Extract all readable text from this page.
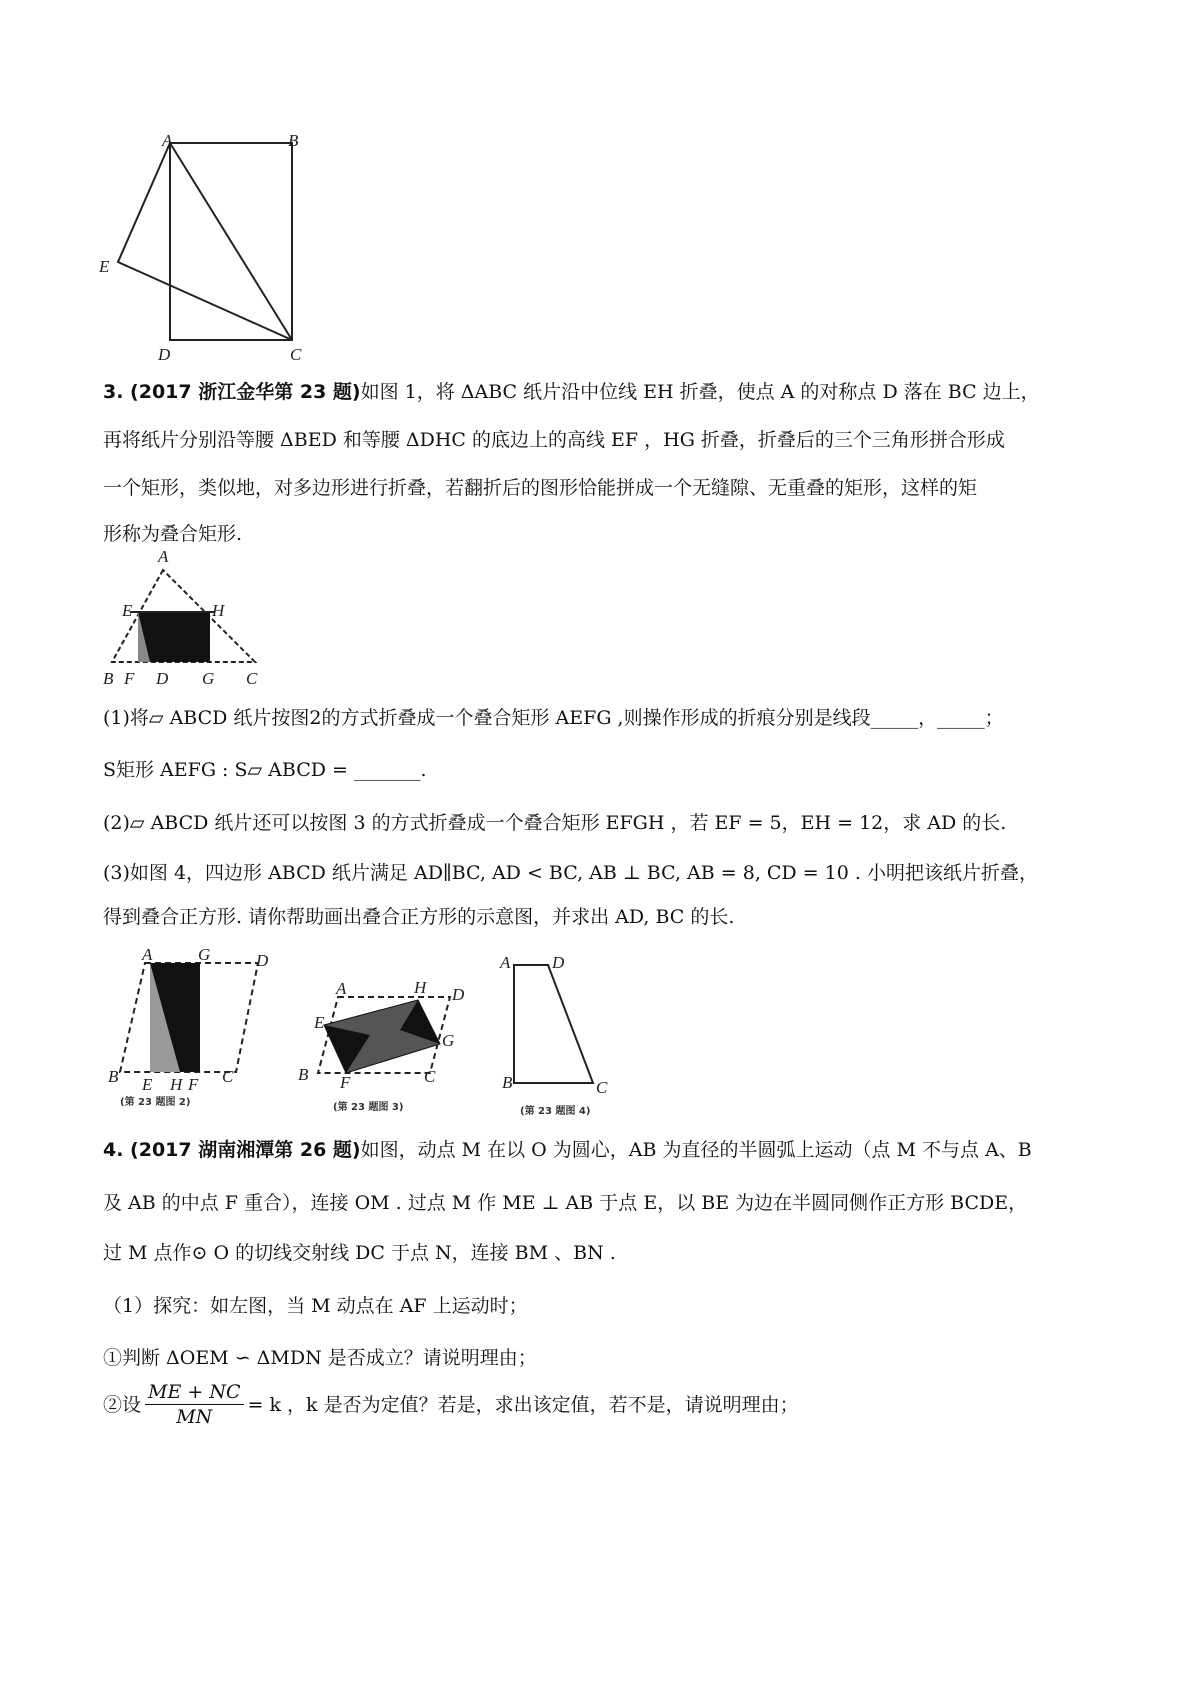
A	B
E
D	C
A
E	H
B F D G C
A	G	D
B E H F C
(第 23 题图 2)
A	H D
E
G
B F	C
(第 23 题图 3)
A D
B	C
(第 23 题图 4)
3. (2017 浙江金华第 23 题)如图 1，将 ΔABC 纸片沿中位线 EH 折叠，使点 A 的对称点 D 落在 BC 边上，
再将纸片分别沿等腰 ΔBED 和等腰 ΔDHC 的底边上的高线 EF ，HG 折叠，折叠后的三个三角形拼合形成
一个矩形，类似地，对多边形进行折叠，若翻折后的图形恰能拼成一个无缝隙、无重叠的矩形，这样的矩
形称为叠合矩形.
(1)将▱ ABCD 纸片按图2的方式折叠成一个叠合矩形 AEFG ,则操作形成的折痕分别是线段_____，_____；
S矩形 AEFG : S▱ ABCD = _______.
(2)▱ ABCD 纸片还可以按图 3 的方式折叠成一个叠合矩形 EFGH ，若 EF = 5，EH = 12，求 AD 的长.
(3)如图 4，四边形 ABCD 纸片满足 AD∥BC, AD < BC, AB ⊥ BC, AB = 8, CD = 10 . 小明把该纸片折叠，
得到叠合正方形. 请你帮助画出叠合正方形的示意图，并求出 AD, BC 的长.
4. (2017 湖南湘潭第 26 题)如图，动点 M 在以 O 为圆心，AB 为直径的半圆弧上运动（点 M 不与点 A、B
及 AB 的中点 F 重合），连接 OM . 过点 M 作 ME ⊥ AB 于点 E，以 BE 为边在半圆同侧作正方形 BCDE，
过 M 点作⊙ O 的切线交射线 DC 于点 N，连接 BM 、BN .
（1）探究：如左图，当 M 动点在 AF 上运动时；
①判断 ΔOEM ∽ ΔMDN 是否成立？请说明理由；
②设 $\frac{ME + NC}{MN} = k$ ，k 是否为定值？若是，求出该定值，若不是，请说明理由；
